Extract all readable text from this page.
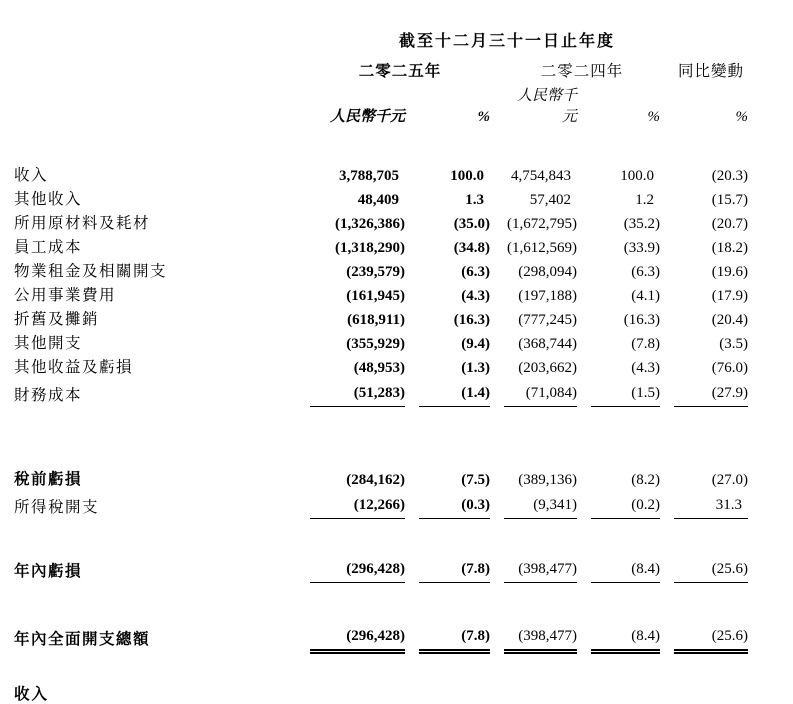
	截至十二月三十一日止年度				
	二零二五年		二零二四年		同比變動
	人民幣千元	%	人民幣千元	%	%

收入	3,788,705	100.0	4,754,843	100.0	(20.3)

其他收入	48,409	1.3	57,402	1.2	(15.7)

所用原材料及耗材	(1,326,386)	(35.0)	(1,672,795)	(35.2)	(20.7)

員工成本	(1,318,290)	(34.8)	(1,612,569)	(33.9)	(18.2)

物業租金及相關開支	(239,579)	(6.3)	(298,094)	(6.3)	(19.6)

公用事業費用	(161,945)	(4.3)	(197,188)	(4.1)	(17.9)

折舊及攤銷	(618,911)	(16.3)	(777,245)	(16.3)	(20.4)

其他開支	(355,929)	(9.4)	(368,744)	(7.8)	(3.5)

其他收益及虧損	(48,953)	(1.3)	(203,662)	(4.3)	(76.0)

財務成本	(51,283)	(1.4)	(71,084)	(1.5)	(27.9)

稅前虧損	(284,162)	(7.5)	(389,136)	(8.2)	(27.0)

所得稅開支	(12,266)	(0.3)	(9,341)	(0.2)	31.3

年內虧損	(296,428)	(7.8)	(398,477)	(8.4)	(25.6)

年內全面開支總額	(296,428)	(7.8)	(398,477)	(8.4)	(25.6)
收入
